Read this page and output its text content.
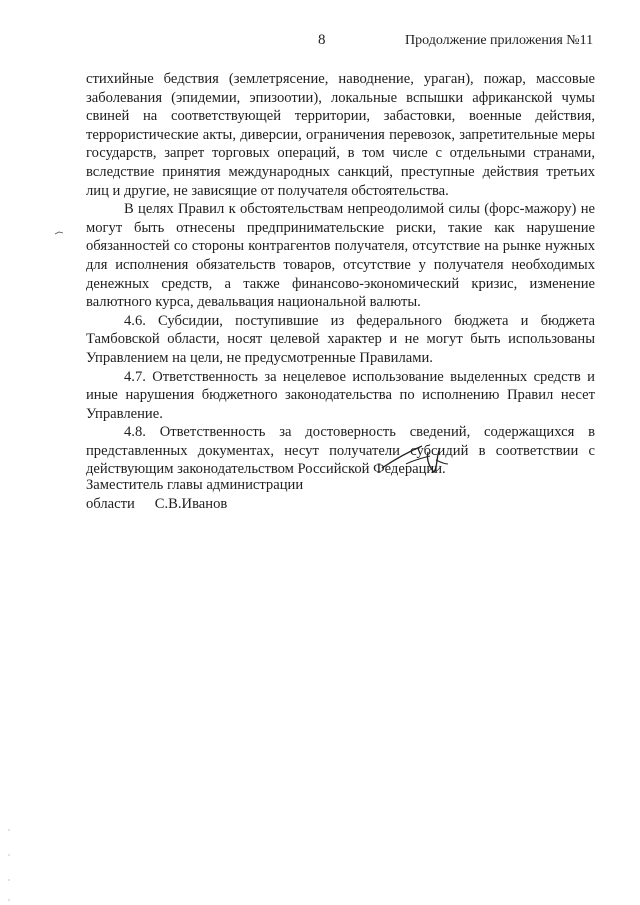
8	Продолжение приложения №11

стихийные бедствия (землетрясение, наводнение, ураган), пожар, массовые заболевания (эпидемии, эпизоотии), локальные вспышки африканской чумы свиней на соответствующей территории, забастовки, военные действия, террористические акты, диверсии, ограничения перевозок, запретительные меры государств, запрет торговых операций, в том числе с отдельными странами, вследствие принятия международных санкций, преступные действия третьих лиц и другие, не зависящие от получателя обстоятельства.

В целях Правил к обстоятельствам непреодолимой силы (форс-мажору) не могут быть отнесены предпринимательские риски, такие как нарушение обязанностей со стороны контрагентов получателя, отсутствие на рынке нужных для исполнения обязательств товаров, отсутствие у получателя необходимых денежных средств, а также финансово-экономический кризис, изменение валютного курса, девальвация национальной валюты.

4.6. Субсидии, поступившие из федерального бюджета и бюджета Тамбовской области, носят целевой характер и не могут быть использованы Управлением на цели, не предусмотренные Правилами.

4.7. Ответственность за нецелевое использование выделенных средств и иные нарушения бюджетного законодательства по исполнению Правил несет Управление.

4.8. Ответственность за достоверность сведений, содержащихся в представленных документах, несут получатели субсидий в соответствии с действующим законодательством Российской Федерации.

Заместитель главы администрации
области С.В.Иванов
